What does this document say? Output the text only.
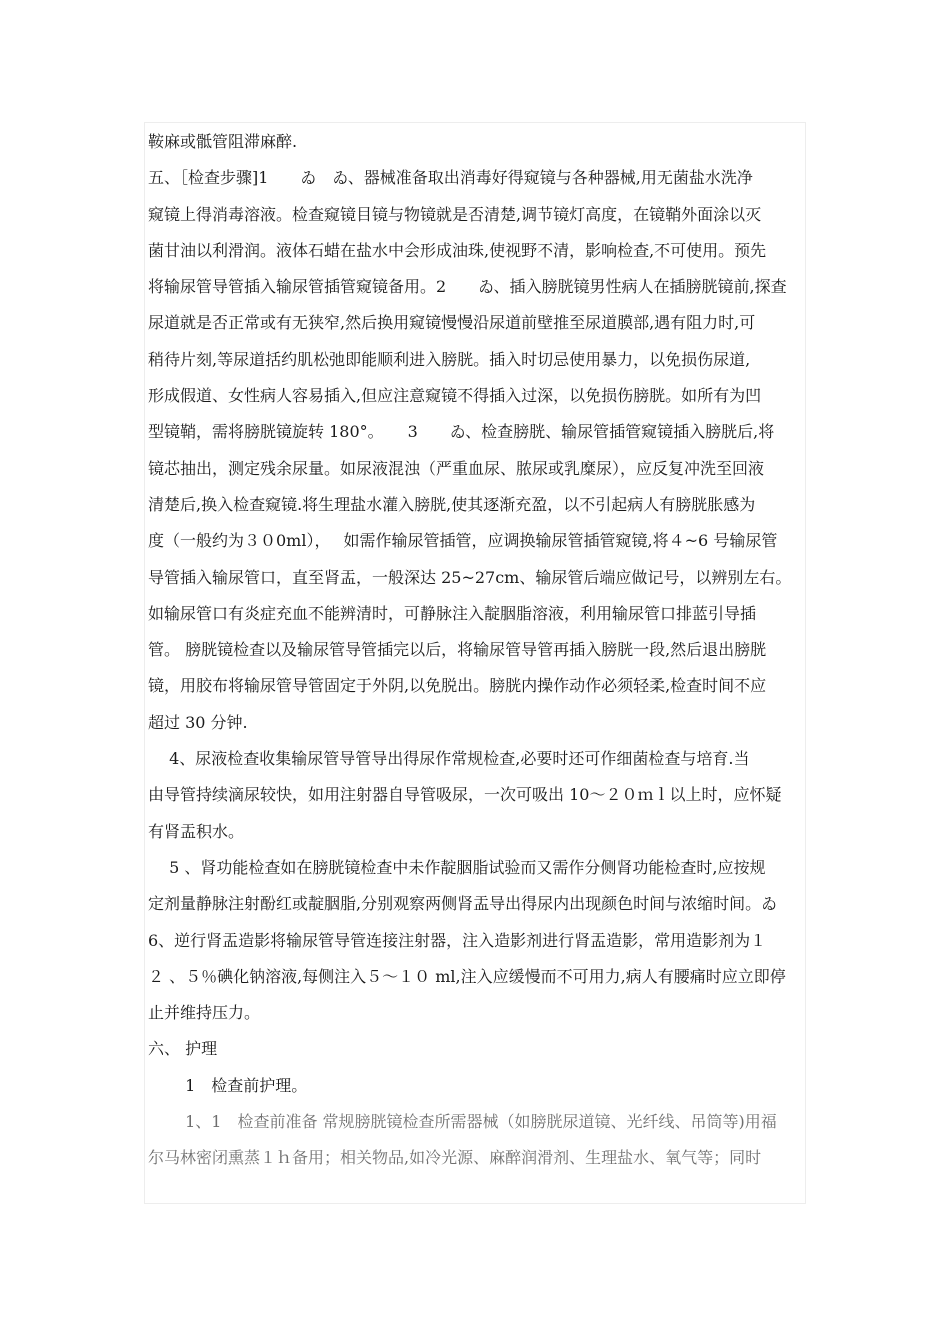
鞍麻或骶管阻滞麻醉.
五、［检查步骤]1　　ゐ　ゐ、器械准备取出消毒好得窥镜与各种器械,用无菌盐水洗净
窥镜上得消毒溶液。检查窥镜目镜与物镜就是否清楚,调节镜灯高度，在镜鞘外面涂以灭
菌甘油以利滑润。液体石蜡在盐水中会形成油珠,使视野不清，影响检查,不可使用。预先
将输尿管导管插入输尿管插管窥镜备用。2　　ゐ、插入膀胱镜男性病人在插膀胱镜前,探查
尿道就是否正常或有无狭窄,然后换用窥镜慢慢沿尿道前壁推至尿道膜部,遇有阻力时,可
稍待片刻,等尿道括约肌松弛即能顺利进入膀胱。插入时切忌使用暴力，以免损伤尿道,
形成假道、女性病人容易插入,但应注意窥镜不得插入过深，以免损伤膀胱。如所有为凹
型镜鞘，需将膀胱镜旋转 180°。　　3　　ゐ、检查膀胱、输尿管插管窥镜插入膀胱后,将
镜芯抽出，测定残余尿量。如尿液混浊（严重血尿、脓尿或乳糜尿），应反复冲洗至回液
清楚后,换入检查窥镜.将生理盐水灌入膀胱,使其逐渐充盈，以不引起病人有膀胱胀感为
度（一般约为３０0ml），　 如需作输尿管插管，应调换输尿管插管窥镜,将４~6 号输尿管
导管插入输尿管口，直至肾盂，一般深达 25~27cm、输尿管后端应做记号，以辨别左右。
如输尿管口有炎症充血不能辨清时，可静脉注入靛胭脂溶液，利用输尿管口排蓝引导插
管。 膀胱镜检查以及输尿管导管插完以后，将输尿管导管再插入膀胱一段,然后退出膀胱
镜，用胶布将输尿管导管固定于外阴,以免脱出。膀胱内操作动作必须轻柔,检查时间不应
超过 30 分钟.
　 4、尿液检查收集输尿管导管导出得尿作常规检查,必要时还可作细菌检查与培育.当
由导管持续滴尿较快，如用注射器自导管吸尿，一次可吸出 10～２０ｍｌ以上时，应怀疑
有肾盂积水。
　 5 、肾功能检查如在膀胱镜检查中未作靛胭脂试验而又需作分侧肾功能检查时,应按规
定剂量静脉注射酚红或靛胭脂,分别观察两侧肾盂导出得尿内出现颜色时间与浓缩时间。ゐ
6、逆行肾盂造影将输尿管导管连接注射器，注入造影剂进行肾盂造影，常用造影剂为１
２ 、５％碘化钠溶液,每侧注入５～１０ ml,注入应缓慢而不可用力,病人有腰痛时应立即停
止并维持压力。
六、 护理
　　 1　检查前护理。
　　 1、1　检查前准备 常规膀胱镜检查所需器械（如膀胱尿道镜、光纤线、吊筒等)用福
尔马林密闭熏蒸１ｈ备用；相关物品,如冷光源、麻醉润滑剂、生理盐水、氧气等；同时
